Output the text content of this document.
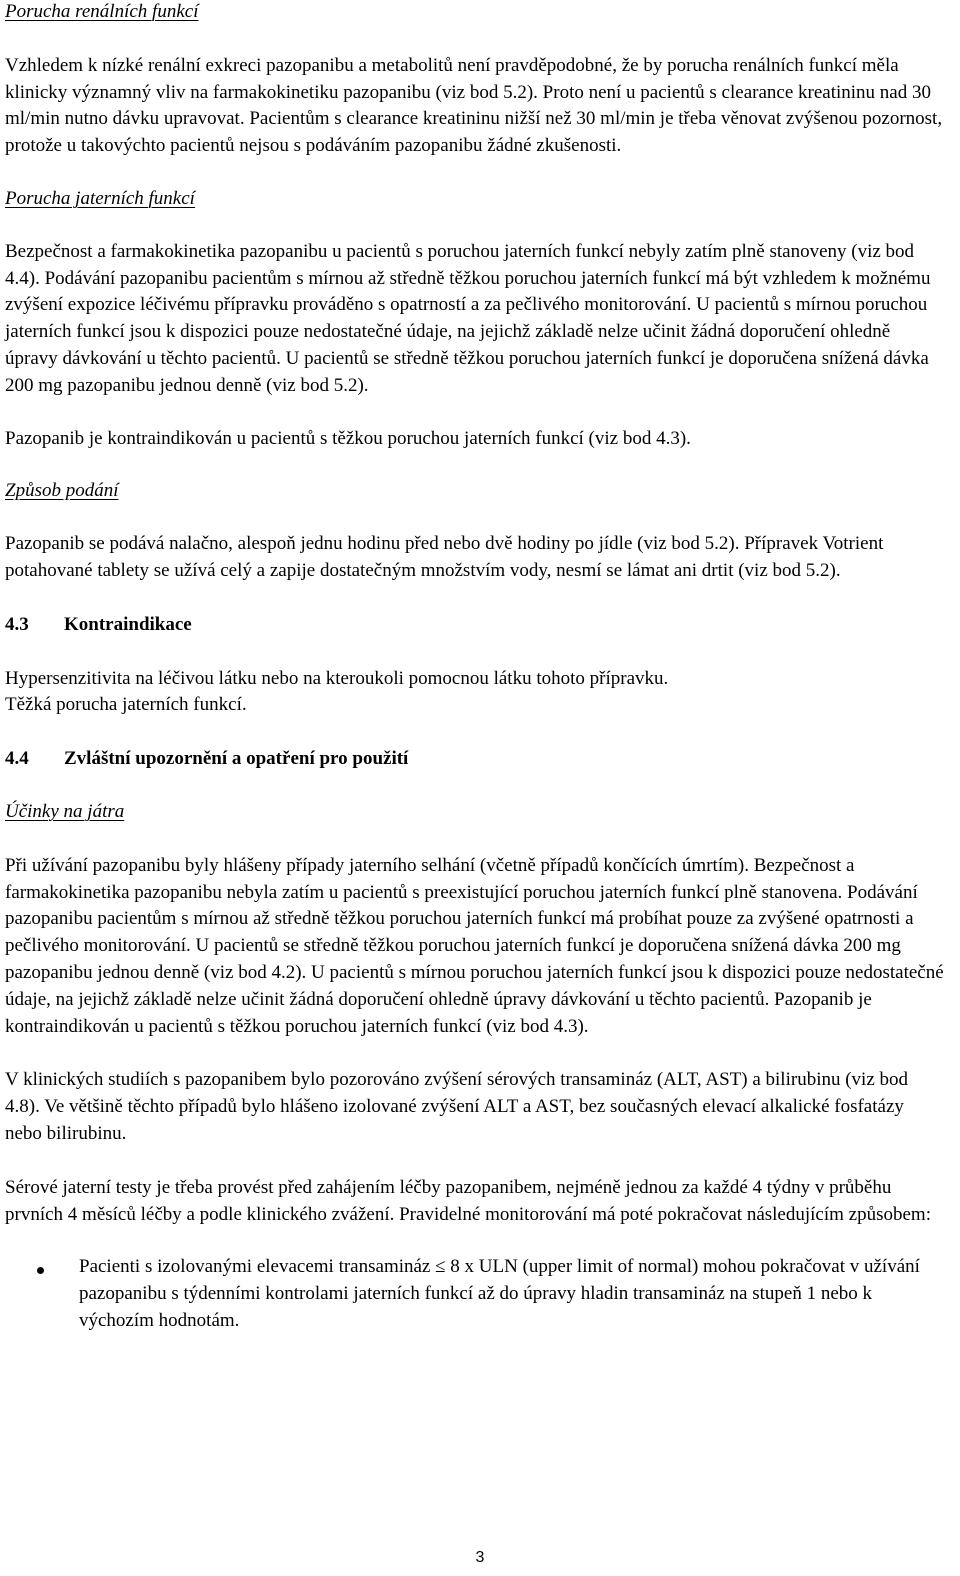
Porucha renálních funkcí

Vzhledem k nízké renální exkreci pazopanibu a metabolitů není pravděpodobné, že by porucha renálních funkcí měla klinicky významný vliv na farmakokinetiku pazopanibu (viz bod 5.2). Proto není u pacientů s clearance kreatininu nad 30 ml/min nutno dávku upravovat. Pacientům s clearance kreatininu nižší než 30 ml/min je třeba věnovat zvýšenou pozornost, protože u takovýchto pacientů nejsou s podáváním pazopanibu žádné zkušenosti.

Porucha jaterních funkcí

Bezpečnost a farmakokinetika pazopanibu u pacientů s poruchou jaterních funkcí nebyly zatím plně stanoveny (viz bod 4.4). Podávání pazopanibu pacientům s mírnou až středně těžkou poruchou jaterních funkcí má být vzhledem k možnému zvýšení expozice léčivému přípravku prováděno s opatrností a za pečlivého monitorování. U pacientů s mírnou poruchou jaterních funkcí jsou k dispozici pouze nedostatečné údaje, na jejichž základě nelze učinit žádná doporučení ohledně úpravy dávkování u těchto pacientů. U pacientů se středně těžkou poruchou jaterních funkcí je doporučena snížená dávka 200 mg pazopanibu jednou denně (viz bod 5.2).

Pazopanib je kontraindikován u pacientů s těžkou poruchou jaterních funkcí (viz bod 4.3).

Způsob podání

Pazopanib se podává nalačno, alespoň jednu hodinu před nebo dvě hodiny po jídle (viz bod 5.2). Přípravek Votrient potahované tablety se užívá celý a zapije dostatečným množstvím vody, nesmí se lámat ani drtit (viz bod 5.2).

4.3 Kontraindikace

Hypersenzitivita na léčivou látku nebo na kteroukoli pomocnou látku tohoto přípravku.

Těžká porucha jaterních funkcí.

4.4 Zvláštní upozornění a opatření pro použití

Účinky na játra

Při užívání pazopanibu byly hlášeny případy jaterního selhání (včetně případů končících úmrtím). Bezpečnost a farmakokinetika pazopanibu nebyla zatím u pacientů s preexistující poruchou jaterních funkcí plně stanovena. Podávání pazopanibu pacientům s mírnou až středně těžkou poruchou jaterních funkcí má probíhat pouze za zvýšené opatrnosti a pečlivého monitorování. U pacientů se středně těžkou poruchou jaterních funkcí je doporučena snížená dávka 200 mg pazopanibu jednou denně (viz bod 4.2). U pacientů s mírnou poruchou jaterních funkcí jsou k dispozici pouze nedostatečné údaje, na jejichž základě nelze učinit žádná doporučení ohledně úpravy dávkování u těchto pacientů. Pazopanib je kontraindikován u pacientů s těžkou poruchou jaterních funkcí (viz bod 4.3).

V klinických studiích s pazopanibem bylo pozorováno zvýšení sérových transamináz (ALT, AST) a bilirubinu (viz bod 4.8). Ve většině těchto případů bylo hlášeno izolované zvýšení ALT a AST, bez současných elevací alkalické fosfatázy nebo bilirubinu.

Sérové jaterní testy je třeba provést před zahájením léčby pazopanibem, nejméně jednou za každé 4 týdny v průběhu prvních 4 měsíců léčby a podle klinického zvážení. Pravidelné monitorování má poté pokračovat následujícím způsobem:

Pacienti s izolovanými elevacemi transamináz ≤ 8 x ULN (upper limit of normal) mohou pokračovat v užívání pazopanibu s týdenními kontrolami jaterních funkcí až do úpravy hladin transamináz na stupeň 1 nebo k výchozím hodnotám.
3
